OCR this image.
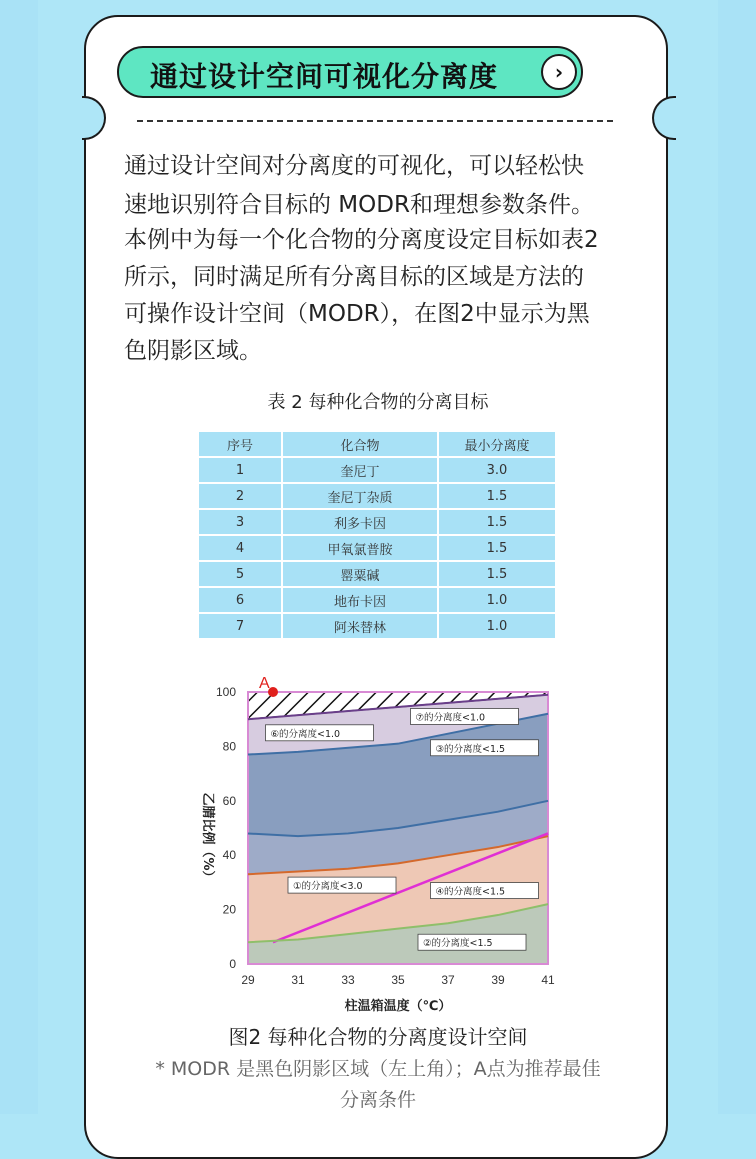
通过设计空间可视化分离度	›
通过设计空间对分离度的可视化，可以轻松快
速地识别符合目标的 MODR和理想参数条件。
本例中为每一个化合物的分离度设定目标如表2
所示，同时满足所有分离目标的区域是方法的
可操作设计空间（MODR），在图2中显示为黑
色阴影区域。
表 2 每种化合物的分离目标
序号	化合物	最小分离度
1	奎尼丁	3.0
2	奎尼丁杂质	1.5
3	利多卡因	1.5
4	甲氧氯普胺	1.5
5	罂粟碱	1.5
6	地布卡因	1.0
7	阿米替林	1.0
29	31	33	35	37	39	41
0
20
40
60
80
100
柱温箱温度（℃）
乙腈比例（%）
⑦的分离度<1.0
⑥的分离度<1.0
③的分离度<1.5
①的分离度<3.0	④的分离度<1.5
②的分离度<1.5
A
图2 每种化合物的分离度设计空间
* MODR 是黑色阴影区域（左上角）；A点为推荐最佳
分离条件
